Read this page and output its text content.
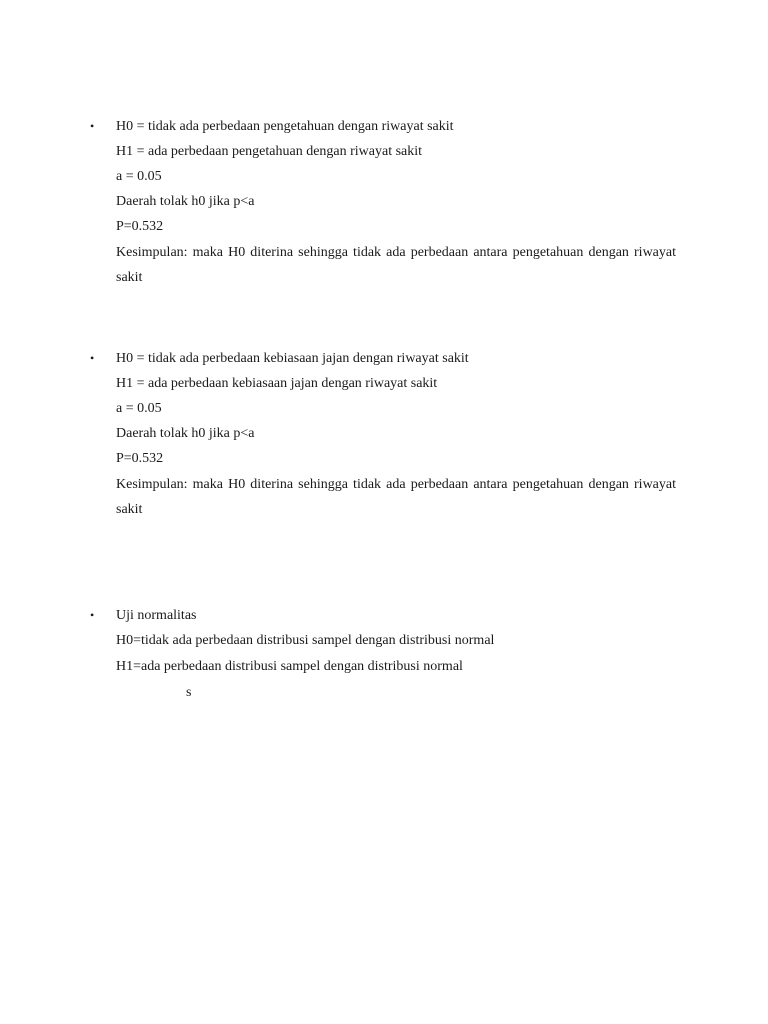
• H0 = tidak ada perbedaan pengetahuan dengan riwayat sakit
H1 = ada perbedaan pengetahuan dengan riwayat sakit
a = 0.05
Daerah tolak h0 jika p<a
P=0.532
Kesimpulan: maka H0 diterina sehingga tidak ada perbedaan antara pengetahuan dengan riwayat sakit
• H0 = tidak ada perbedaan kebiasaan jajan dengan riwayat sakit
H1 = ada perbedaan kebiasaan jajan dengan riwayat sakit
a = 0.05
Daerah tolak h0 jika p<a
P=0.532
Kesimpulan: maka H0 diterina sehingga tidak ada perbedaan antara pengetahuan dengan riwayat sakit
• Uji normalitas
H0=tidak ada perbedaan distribusi sampel dengan distribusi normal
H1=ada perbedaan distribusi sampel dengan distribusi normal
s
